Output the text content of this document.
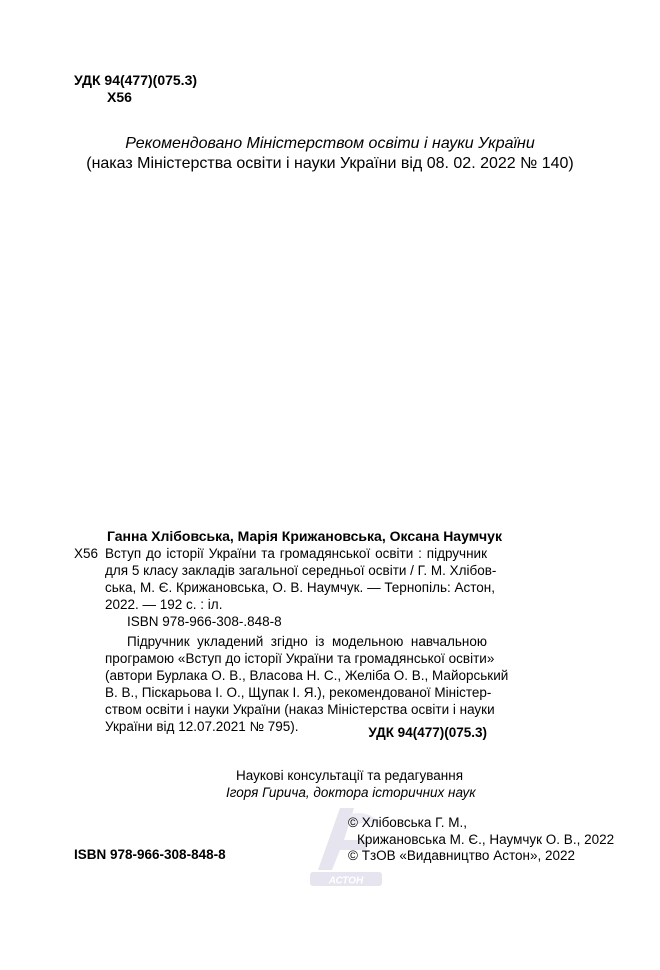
УДК 94(477)(075.3)
Х56
Рекомендовано Міністерством освіти і науки України
(наказ Міністерства освіти і науки України від 08. 02. 2022 № 140)
Ганна Хлібовська, Марія Крижановська, Оксана Наумчук
Х56 Вступ до історії України та громадянської освіти : підручник
для 5 класу закладів загальної середньої освіти / Г. М. Хлібов-
ська, М. Є. Крижановська, О. В. Наумчук. — Тернопіль: Астон,
2022. — 192 с. : іл.
ISBN 978-966-308-.848-8
Підручник укладений згідно із модельною навчальною
програмою «Вступ до історії України та громадянської освіти»
(автори Бурлака О. В., Власова Н. С., Желіба О. В., Майорський
В. В., Піскарьова І. О., Щупак І. Я.), рекомендованої Міністер-
ством освіти і науки України (наказ Міністерства освіти і науки
України від 12.07.2021 № 795).	УДК 94(477)(075.3)
Наукові консультації та редагування
Ігоря Гирича, доктора історичних наук
АСТОН
© Хлібовська Г. М.,
Крижановська М. Є., Наумчук О. В., 2022
ISBN 978-966-308-848-8	© ТзОВ «Видавництво Астон», 2022
